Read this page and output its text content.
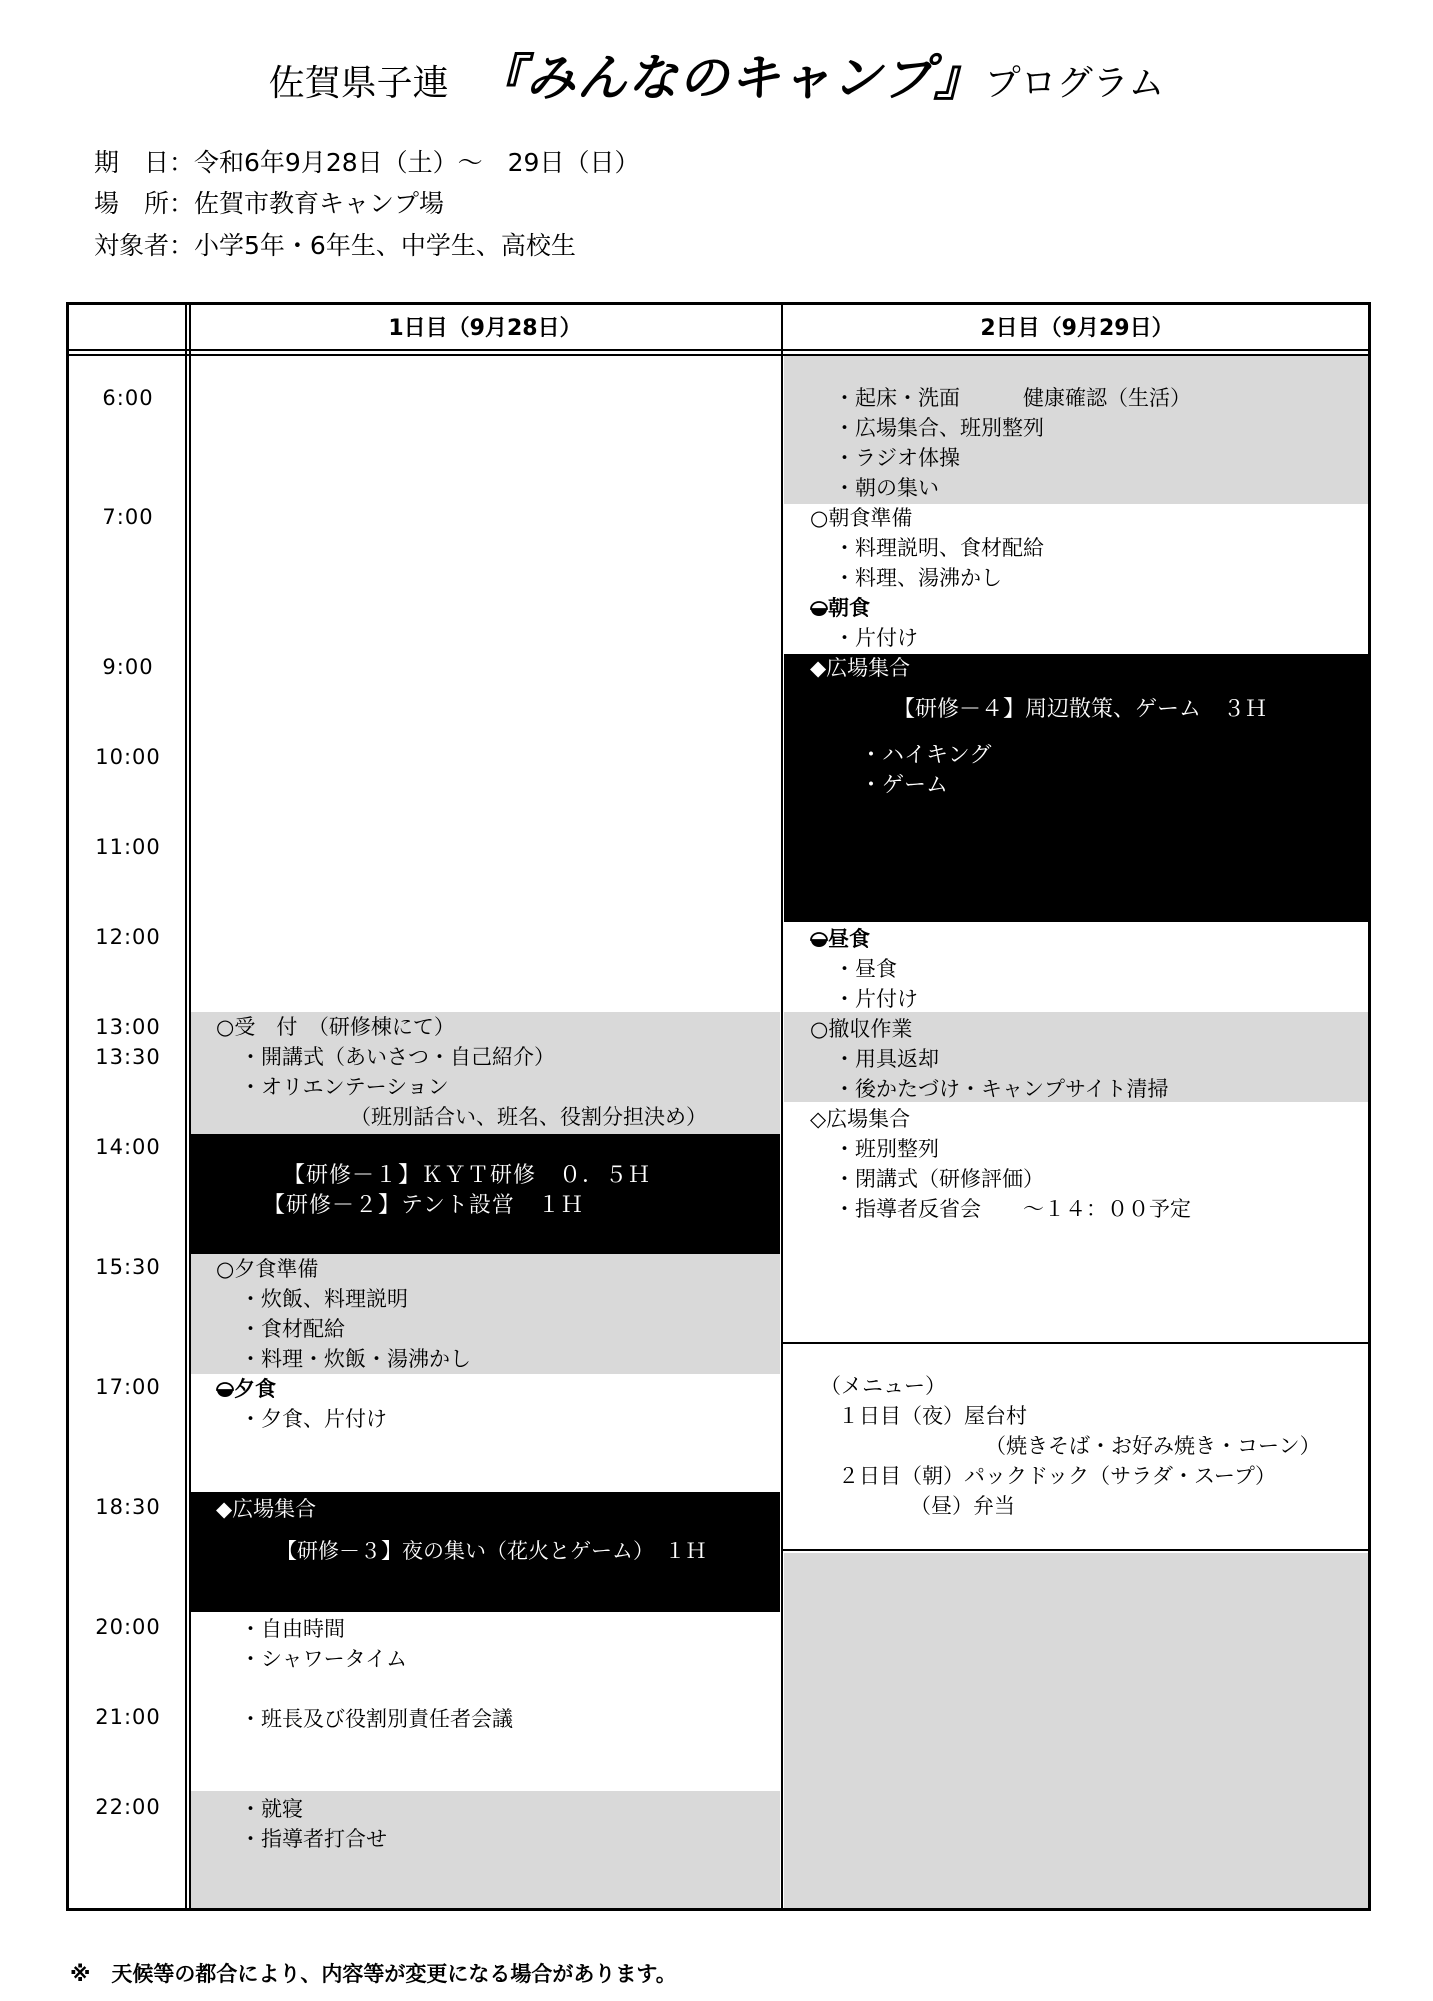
佐賀県子連 『みんなのキャンプ』プログラム
期　日：令和6年9月28日（土）～　29日（日）
場　所：佐賀市教育キャンプ場
対象者：小学5年・6年生、中学生、高校生
1日目（9月28日）	2日目（9月29日）
6:00
7:00
9:00
10:00
11:00
12:00
13:00
13:30
14:00
15:30
17:00
18:30
20:00
21:00
22:00
○受　付　（研修棟にて）
・開講式（あいさつ・自己紹介）
・オリエンテーション
（班別話合い、班名、役割分担決め）
【研修－１】ＫＹＴ研修　０．５Ｈ
【研修－２】テント設営　１Ｈ
○夕食準備
・炊飯、料理説明
・食材配給
・料理・炊飯・湯沸かし
夕食
・夕食、片付け
◆広場集合
【研修－３】夜の集い（花火とゲーム）　１Ｈ
・自由時間
・シャワータイム
・班長及び役割別責任者会議
・就寝
・指導者打合せ
・起床・洗面　　　健康確認（生活）
・広場集合、班別整列
・ラジオ体操
・朝の集い
○朝食準備
・料理説明、食材配給
・料理、湯沸かし
朝食
・片付け
◆広場集合
【研修－４】周辺散策、ゲーム　３Ｈ
・ハイキング
・ゲーム
昼食
・昼食
・片付け
○撤収作業
・用具返却
・後かたづけ・キャンプサイト清掃
◇広場集合
・班別整列
・閉講式（研修評価）
・指導者反省会　　～１４：００予定
（メニュー）
１日目（夜）屋台村
（焼きそば・お好み焼き・コーン）
２日目（朝）パックドック（サラダ・スープ）
（昼）弁当
※　天候等の都合により、内容等が変更になる場合があります。
